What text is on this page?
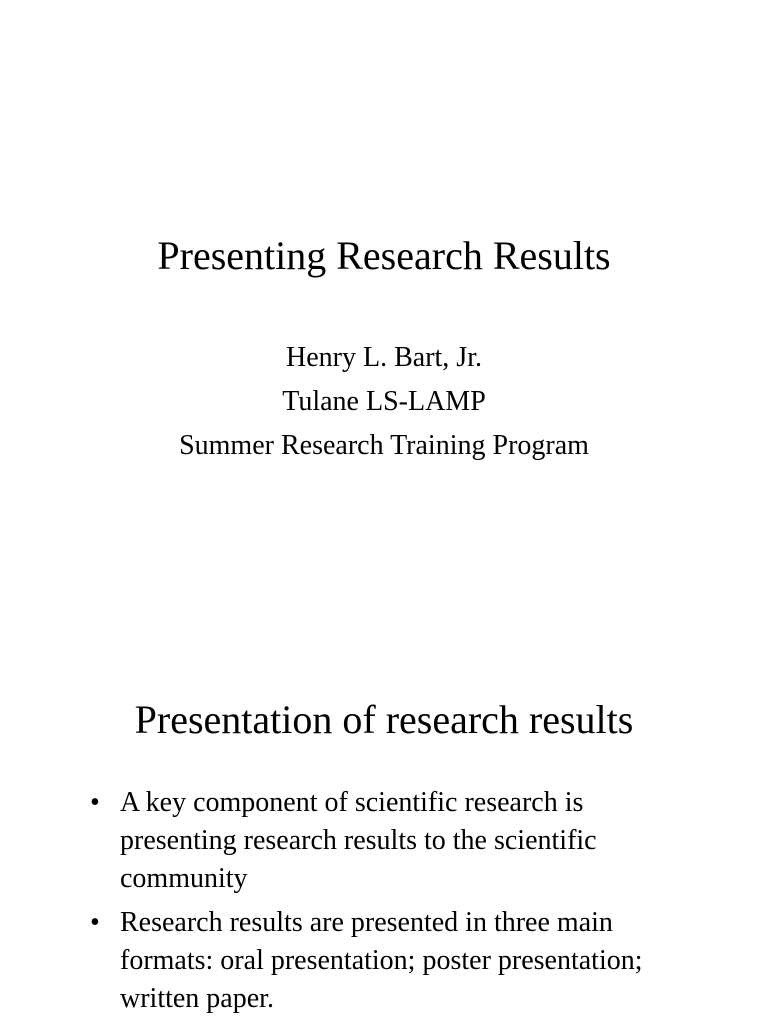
Presenting Research Results
Henry L. Bart, Jr.
Tulane LS-LAMP
Summer Research Training Program
Presentation of research results
• A key component of scientific research is presenting research results to the scientific community
• Research results are presented in three main formats: oral presentation; poster presentation; written paper.
